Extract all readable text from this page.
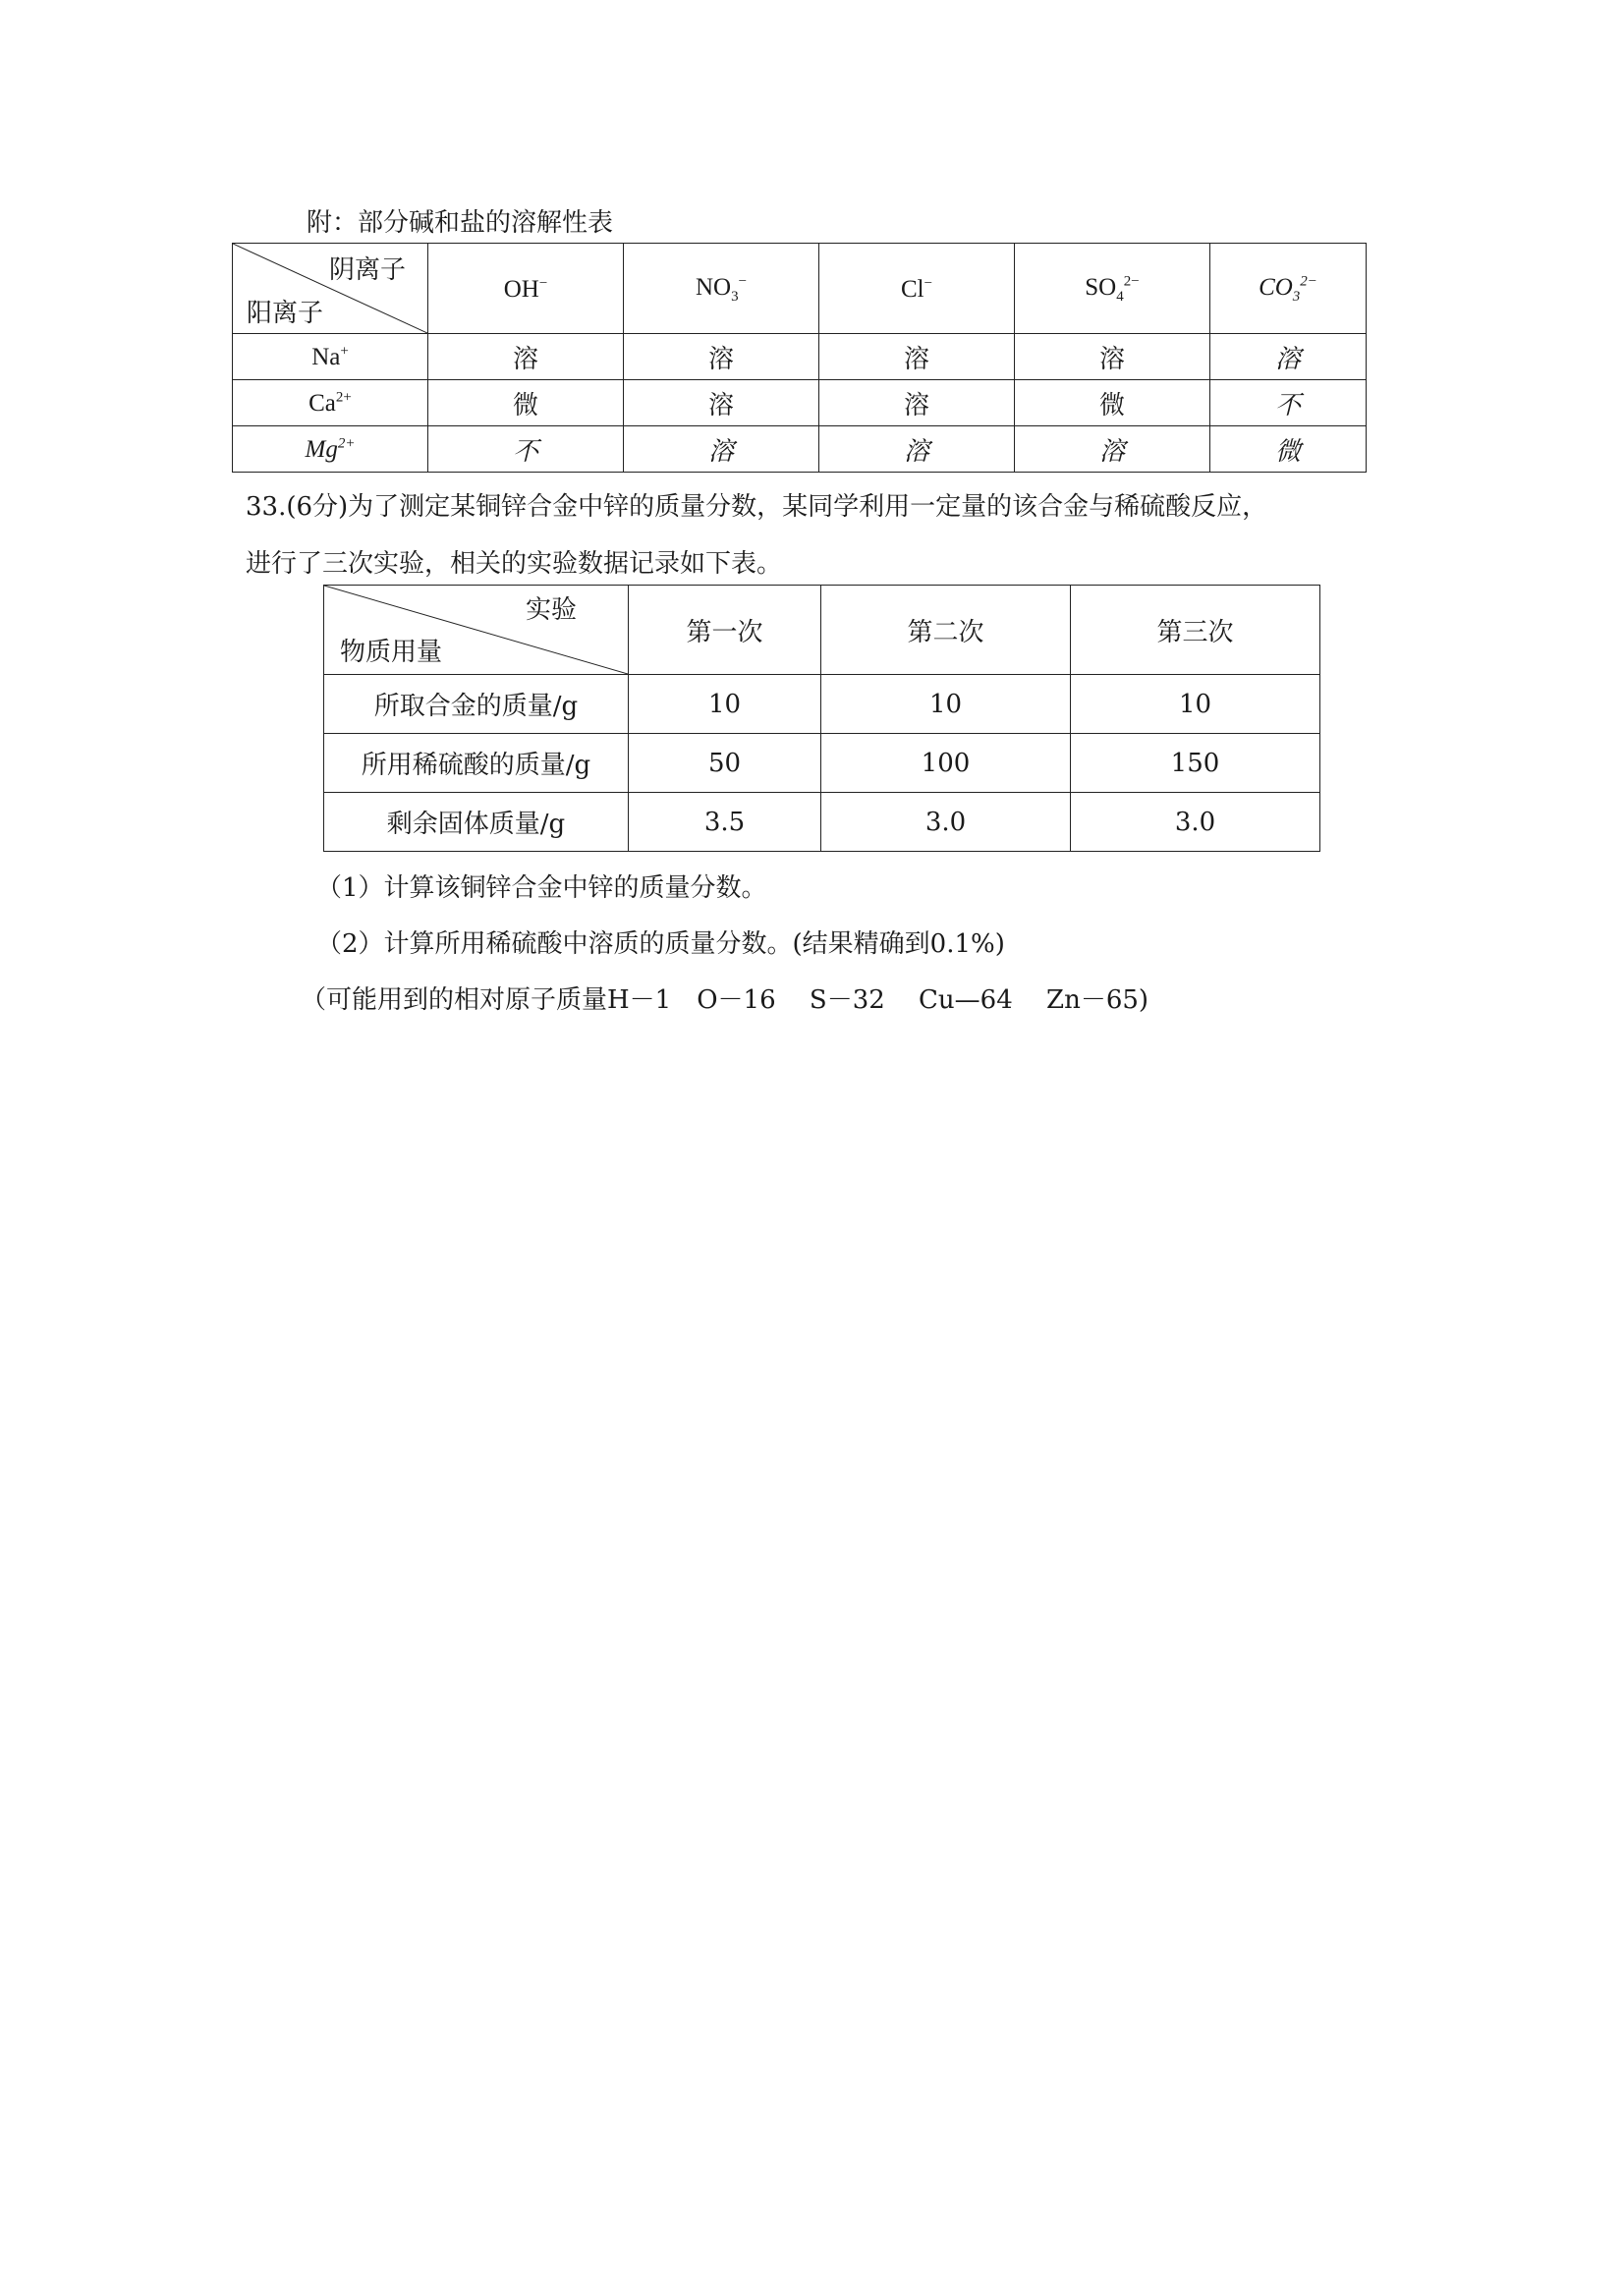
附：部分碱和盐的溶解性表
阴离子
阳离子	OH−	$NO_3^-$	Cl−	$SO_4^{2-}$	$CO_3^{2-}$
Na+	溶	溶	溶	溶	溶
$Ca^{2+}$	微	溶	溶	微	不
$Mg^{2+}$	不	溶	溶	溶	微
33.(6分)为了测定某铜锌合金中锌的质量分数，某同学利用一定量的该合金与稀硫酸反应，
进行了三次实验，相关的实验数据记录如下表。
实验
物质用量	第一次	第二次	第三次
所取合金的质量/g	10	10	10
所用稀硫酸的质量/g	50	100	150
剩余固体质量/g	3.5	3.0	3.0
（1）计算该铜锌合金中锌的质量分数。
（2）计算所用稀硫酸中溶质的质量分数。(结果精确到0.1%)
（可能用到的相对原子质量H－1　O－16　 S－32　 Cu—64　 Zn－65)
